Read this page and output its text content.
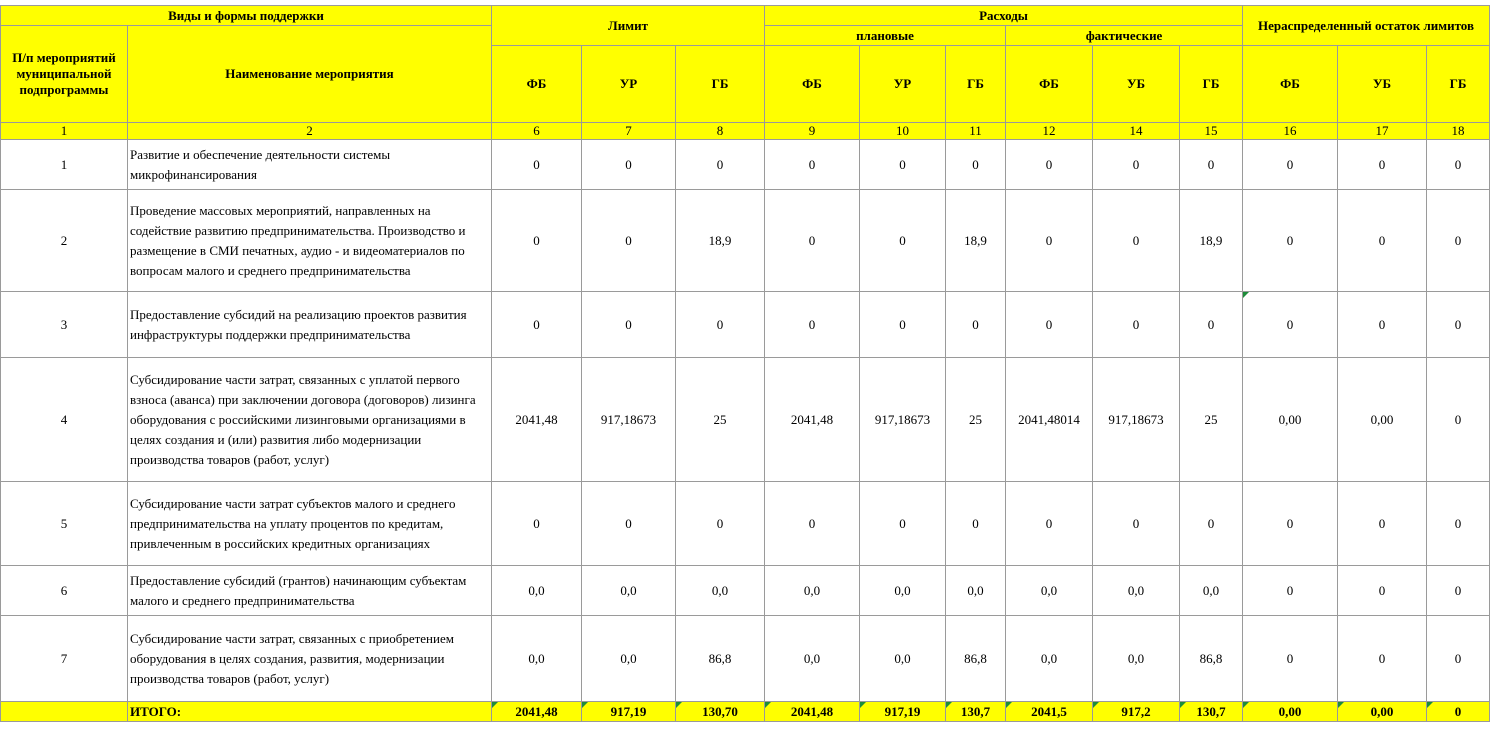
Виды и формы поддержки		Лимит			Расходы						Нераспределенный остаток лимитов		
П/п мероприятий муниципальной подпрограммы	Наименование мероприятия				плановые			фактические					
		ФБ	УР	ГБ	ФБ	УР	ГБ	ФБ	УБ	ГБ	ФБ	УБ	ГБ
1	2	6	7	8	9	10	11	12	14	15	16	17	18
1	Развитие и обеспечение деятельности системы микрофинансирования	0	0	0	0	0	0	0	0	0	0	0	0
2	Проведение массовых мероприятий, направленных на содействие развитию предпринимательства. Производство и размещение в СМИ печатных, аудио - и видеоматериалов по вопросам малого и среднего предпринимательства	0	0	18,9	0	0	18,9	0	0	18,9	0	0	0
3	Предоставление субсидий на реализацию проектов развития инфраструктуры поддержки предпринимательства	0	0	0	0	0	0	0	0	0	0	0	0
4	Субсидирование части затрат, связанных с уплатой первого взноса (аванса) при заключении договора (договоров) лизинга оборудования с российскими лизинговыми организациями в целях создания и (или) развития либо модернизации производства товаров (работ, услуг)	2041,48	917,18673	25	2041,48	917,18673	25	2041,48014	917,18673	25	0,00	0,00	0
5	Субсидирование части затрат субъектов малого и среднего предпринимательства на уплату процентов по кредитам, привлеченным в российских кредитных организациях	0	0	0	0	0	0	0	0	0	0	0	0
6	Предоставление субсидий (грантов) начинающим субъектам малого и среднего предпринимательства	0,0	0,0	0,0	0,0	0,0	0,0	0,0	0,0	0,0	0	0	0
7	Субсидирование части затрат, связанных с приобретением оборудования в целях создания, развития, модернизации производства товаров (работ, услуг)	0,0	0,0	86,8	0,0	0,0	86,8	0,0	0,0	86,8	0	0	0
	ИТОГО:	2041,48	917,19	130,70	2041,48	917,19	130,7	2041,5	917,2	130,7	0,00	0,00	0
